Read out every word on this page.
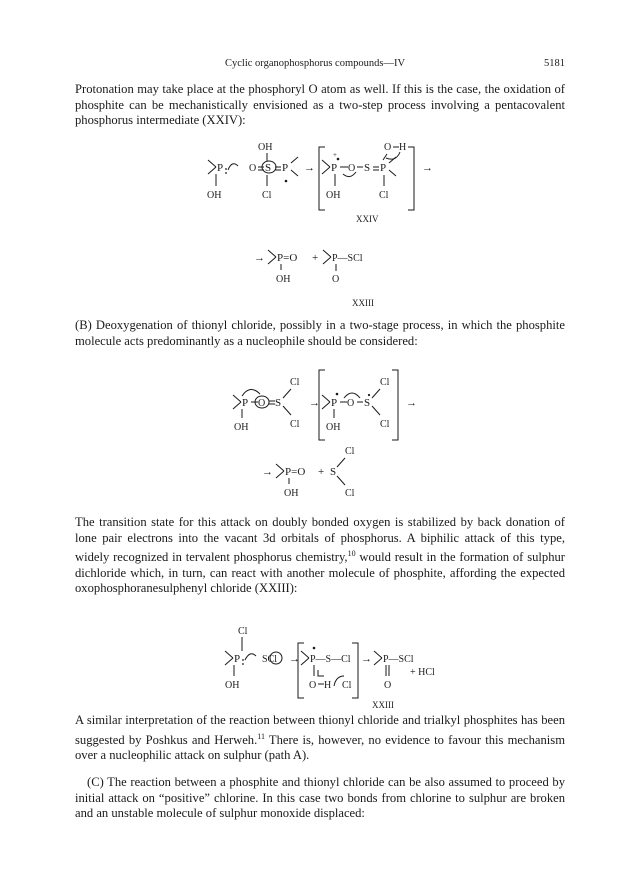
Cyclic organophosphorus compounds—IV	5181

Protonation may take place at the phosphoryl O atom as well. If this is the case, the oxidation of phosphite can be mechanistically envisioned as a two-step process involving a pentacovalent phosphorus intermediate (XXIV):

(B) Deoxygenation of thionyl chloride, possibly in a two-stage process, in which the phosphite molecule acts predominantly as a nucleophile should be considered:

The transition state for this attack on doubly bonded oxygen is stabilized by back donation of lone pair electrons into the vacant 3d orbitals of phosphorus. A biphilic attack of this type, widely recognized in tervalent phosphorus chemistry,$^{10}$ would result in the formation of sulphur dichloride which, in turn, can react with another molecule of phosphite, affording the expected oxophosphoranesulphenyl chloride (XXIII):

A similar interpretation of the reaction between thionyl chloride and trialkyl phosphites has been suggested by Poshkus and Herweh.$^{11}$ There is, however, no evidence to favour this mechanism over a nucleophilic attack on sulphur (path A).

(C) The reaction between a phosphite and thionyl chloride can be also assumed to proceed by initial attack on “positive” chlorine. In this case two bonds from chlorine to sulphur are broken and an unstable molecule of sulphur monoxide displaced:

P
OH
O S P
OH
Cl
→ P
+
O S P
O H
OH	Cl
→
XXIV
→ P=O
OH
+ P—SCl
O
XXIII
P O S
Cl
Cl
OH
→ P O S
Cl
Cl
OH
→
→ P=O
OH
+ S
Cl
Cl
P
OH
Cl
SCl → P—S—Cl
O H Cl
→ P—SCl
O
+ HCl
XXIII
